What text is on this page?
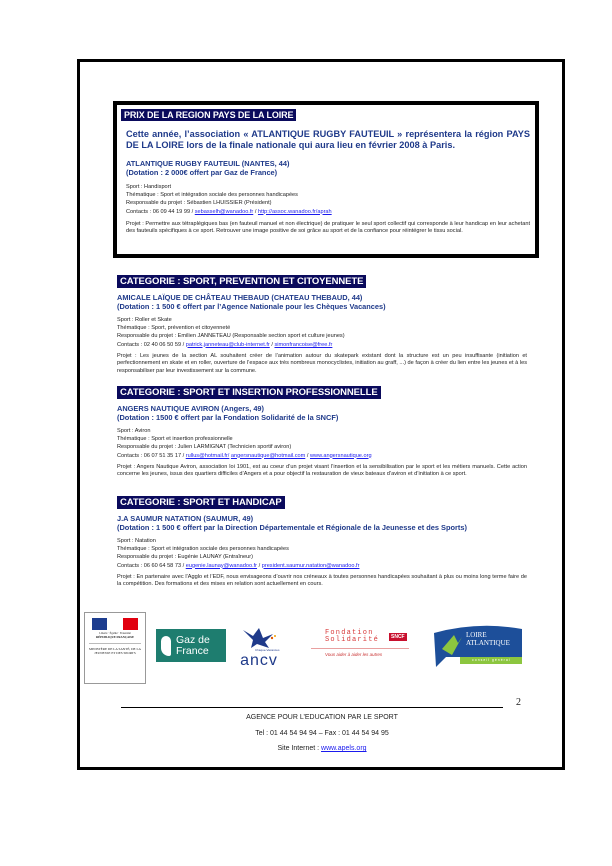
PRIX DE LA REGION PAYS DE LA LOIRE
Cette année, l’association « ATLANTIQUE RUGBY FAUTEUIL » représentera la région PAYS DE LA LOIRE lors de la finale nationale qui aura lieu en février 2008 à Paris.
ATLANTIQUE RUGBY FAUTEUIL (NANTES, 44)
(Dotation : 2 000€ offert par Gaz de France)
Sport : Handisport
Thématique : Sport et intégration sociale des personnes handicapées
Responsable du projet : Sébastien LHUISSIER (Président)
Contacts : 06 09 44 19 99 / sebasselh@wanadoo.fr / http://assoc.wanadoo.fr/aprah
Projet : Permettre aux tétraplégiques bas (en fauteuil manuel et non électrique) de pratiquer le seul sport collectif qui corresponde à leur handicap en leur achetant des fauteuils spécifiques à ce sport. Retrouver une image positive de soi grâce au sport et de la confiance pour réintégrer le tissu social.
CATEGORIE : SPORT, PREVENTION ET CITOYENNETE
AMICALE LAÏQUE DE CHÂTEAU THEBAUD (CHATEAU THEBAUD, 44)
(Dotation : 1 500 € offert par l’Agence Nationale pour les Chèques Vacances)
Sport : Roller et Skate
Thématique : Sport, prévention et citoyenneté
Responsable du projet : Emilien JANNETEAU (Responsable section sport et culture jeunes)
Contacts : 02 40 06 50 59 / patrick.janneteau@club-internet.fr / simonfrancoise@free.fr
Projet : Les jeunes de la section AL souhaitent créer de l’animation autour du skatepark existant dont la structure est un peu insuffisante (initiation et perfectionnement en skate et en roller, ouverture de l’espace aux très nombreux monocyclistes, initiation au graff, ...) de façon à créer du lien entre les jeunes et à les responsabiliser par leur investissement sur la commune.
CATEGORIE : SPORT ET INSERTION PROFESSIONNELLE
ANGERS NAUTIQUE AVIRON (Angers, 49)
(Dotation : 1500 € offert par la Fondation Solidarité de la SNCF)
Sport : Aviron
Thématique : Sport et insertion professionnelle
Responsable du projet : Julien LARMIGNAT (Technicien sportif aviron)
Contacts : 06 07 51 35 17 / rullus@hotmail.fr/ angersnautique@hotmail.com / www.angersnautique.org
Projet : Angers Nautique Aviron, association loi 1901, est au coeur d’un projet visant l’insertion et la sensibilisation par le sport et les métiers manuels. Cette action concerne les jeunes, issus des quartiers difficiles d’Angers et a pour objectif la restauration de vieux bateaux d’aviron et d’initiation à ce sport.
CATEGORIE : SPORT ET HANDICAP
J.A SAUMUR NATATION (SAUMUR, 49)
(Dotation : 1 500 € offert par la Direction Départementale et Régionale de la Jeunesse et des Sports)
Sport : Natation
Thématique : Sport et intégration sociale des personnes handicapées
Responsable du projet : Eugénie LAUNAY (Entraîneur)
Contacts : 06 60 64 58 73 / eugenie.launay@wanadoo.fr / president.saumur.natation@wanadoo.fr
Projet : En partenaire avec l’Agglo et l’EDF, nous envisageons d’ouvrir nos créneaux à toutes personnes handicapées souhaitant à plus ou moins long terme faire de la compétition. Des formations et des mises en relation sont actuellement en cours.
Liberté · Égalité · Fraternité
RÉPUBLIQUE FRANÇAISE
MINISTÈRE DE LA SANTÉ, DE LA JEUNESSE ET DES SPORTS
Gaz de
France	Chèque-Vacances
ancv
Fondation
Solidarité	SNCF
Vous aider à aider les autres
LOIRE
ATLANTIQUE
conseil général
2
AGENCE POUR L’EDUCATION PAR LE SPORT
Tel : 01 44 54 94 94 – Fax : 01 44 54 94 95
Site Internet : www.apels.org
